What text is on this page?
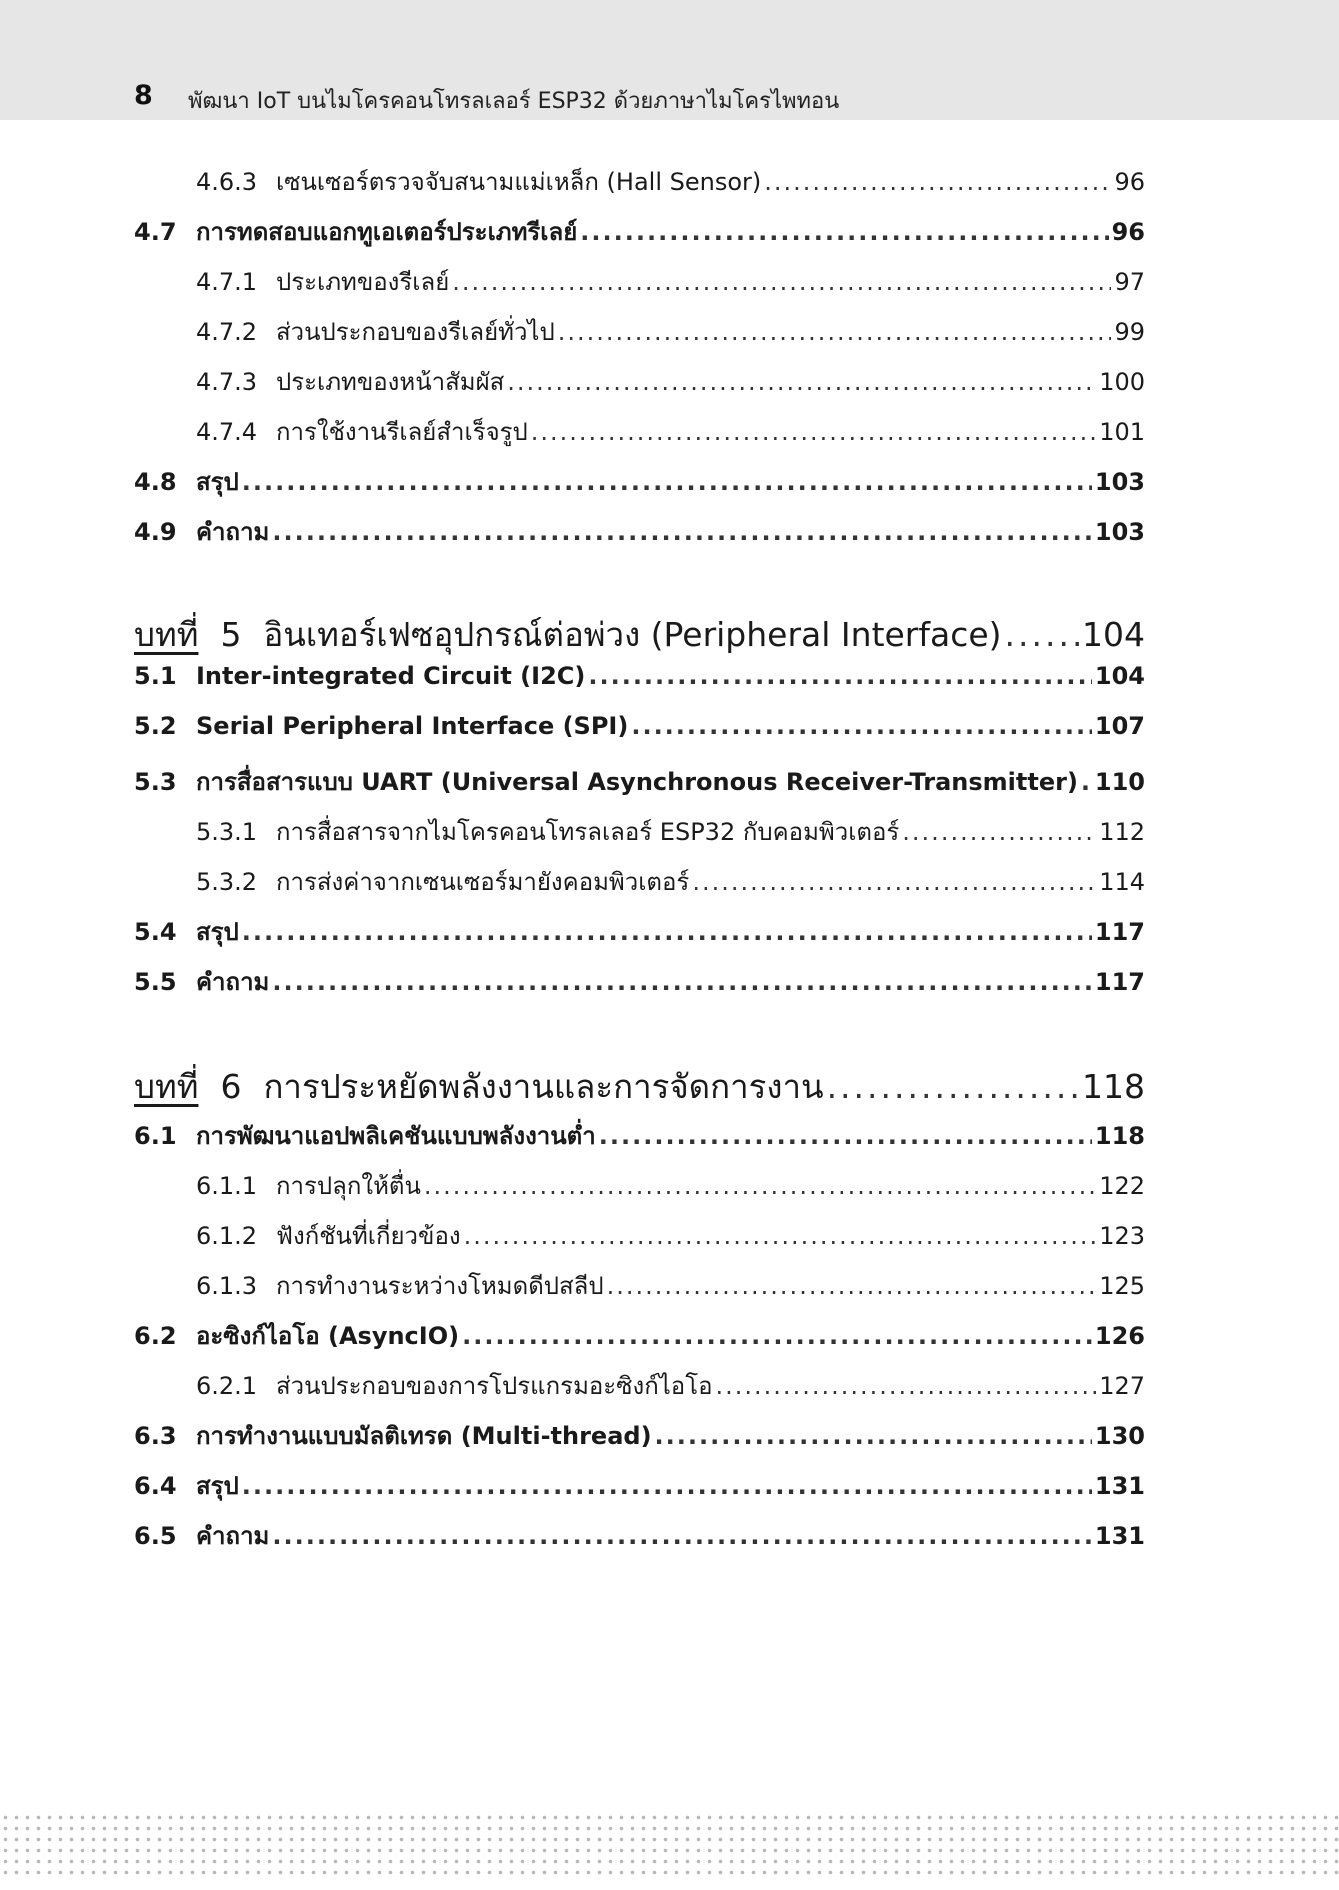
8 พัฒนา IoT บนไมโครคอนโทรลเลอร์ ESP32 ด้วยภาษาไมโครไพทอน
4.6.3 เซนเซอร์ตรวจจับสนามแม่เหล็ก (Hall Sensor) .....	96
4.7 การทดสอบแอกทูเอเตอร์ประเภทรีเลย์ .....	96
4.7.1 ประเภทของรีเลย์ .....	97
4.7.2 ส่วนประกอบของรีเลย์ทั่วไป .....	99
4.7.3 ประเภทของหน้าสัมผัส .....	100
4.7.4 การใช้งานรีเลย์สำเร็จรูป .....	101
4.8 สรุป .....	103
4.9 คำถาม .....	103
บทที่ 5 อินเทอร์เฟซอุปกรณ์ต่อพ่วง (Peripheral Interface) ..... 104
5.1 Inter-integrated Circuit (I2C) .....	104
5.2 Serial Peripheral Interface (SPI) .....	107
5.3 การสื่อสารแบบ UART (Universal Asynchronous Receiver-Transmitter) ..... 110
5.3.1 การสื่อสารจากไมโครคอนโทรลเลอร์ ESP32 กับคอมพิวเตอร์ .....	112
5.3.2 การส่งค่าจากเซนเซอร์มายังคอมพิวเตอร์ .....	114
5.4 สรุป .....	117
5.5 คำถาม .....	117
บทที่ 6 การประหยัดพลังงานและการจัดการงาน .....	118
6.1 การพัฒนาแอปพลิเคชันแบบพลังงานต่ำ .....	118
6.1.1 การปลุกให้ตื่น .....	122
6.1.2 ฟังก์ชันที่เกี่ยวข้อง .....	123
6.1.3 การทำงานระหว่างโหมดดีปสลีป .....	125
6.2 อะซิงก์ไอโอ (AsyncIO) .....	126
6.2.1 ส่วนประกอบของการโปรแกรมอะซิงก์ไอโอ .....	127
6.3 การทำงานแบบมัลติเทรด (Multi-thread) .....	130
6.4 สรุป .....	131
6.5 คำถาม .....	131
